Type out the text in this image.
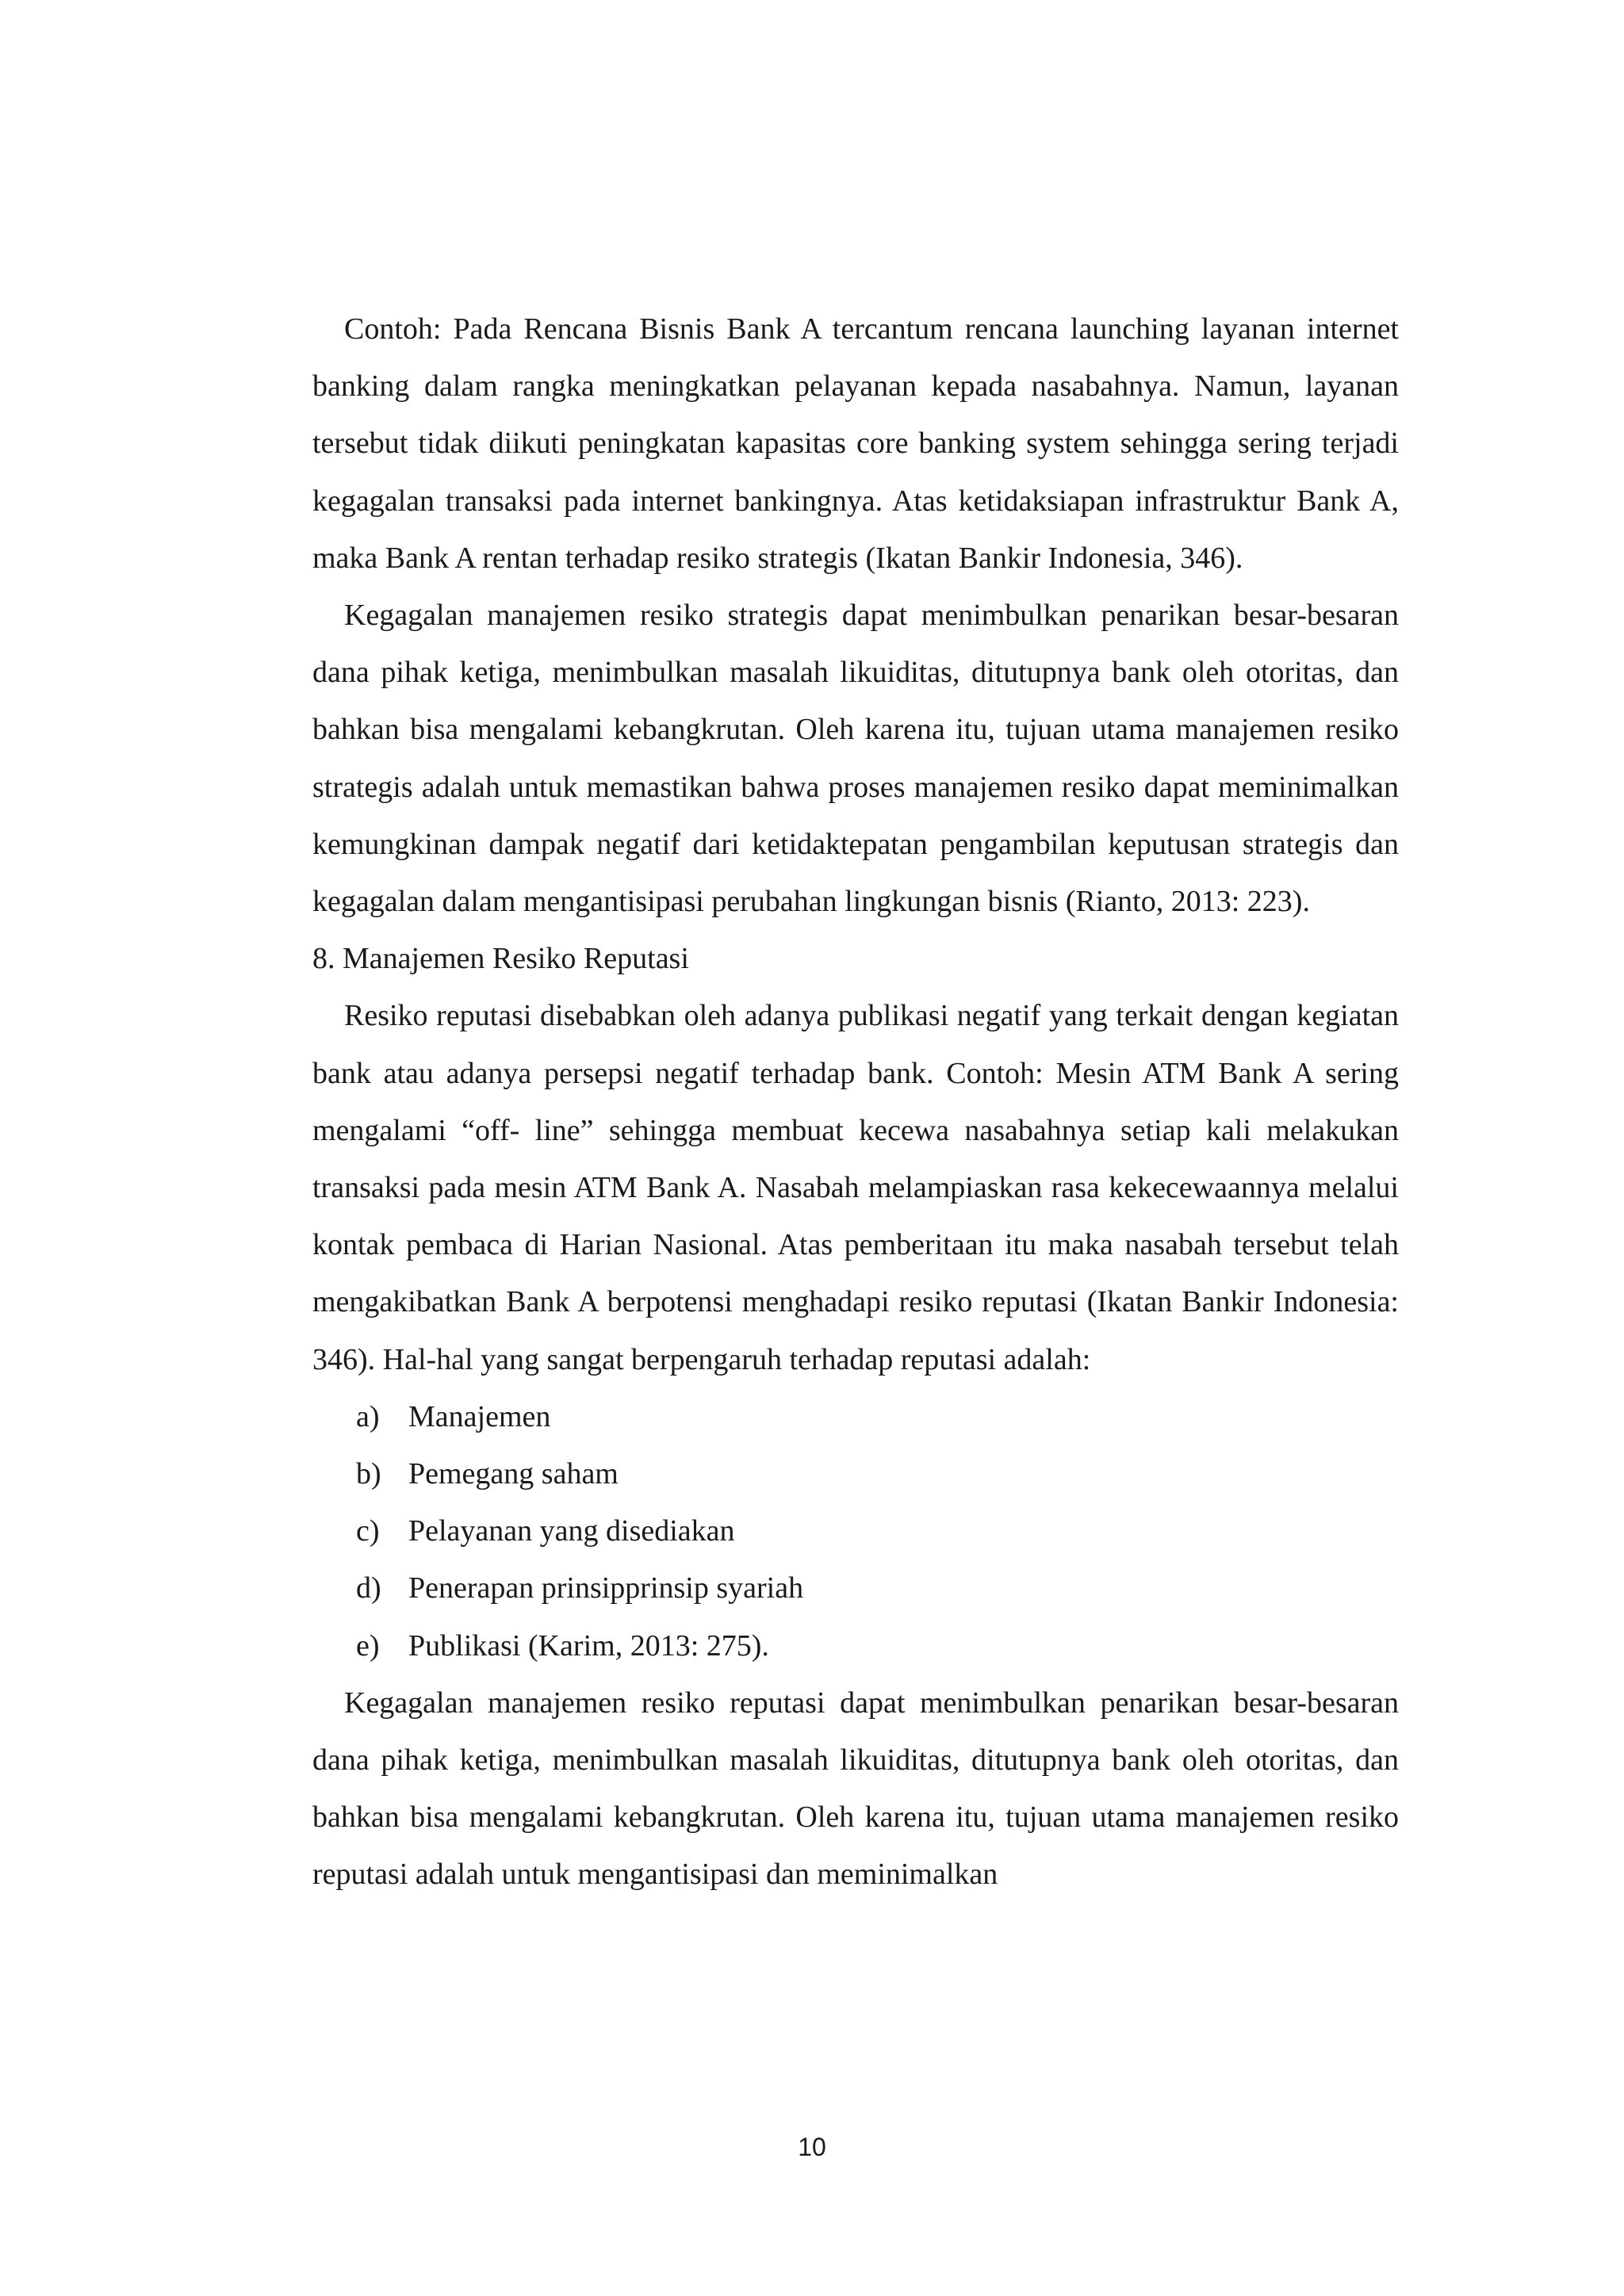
Contoh: Pada Rencana Bisnis Bank A tercantum rencana launching layanan internet banking dalam rangka meningkatkan pelayanan kepada nasabahnya. Namun, layanan tersebut tidak diikuti peningkatan kapasitas core banking system sehingga sering terjadi kegagalan transaksi pada internet bankingnya. Atas ketidaksiapan infrastruktur Bank A, maka Bank A rentan terhadap resiko strategis (Ikatan Bankir Indonesia, 346).

Kegagalan manajemen resiko strategis dapat menimbulkan penarikan besar-besaran dana pihak ketiga, menimbulkan masalah likuiditas, ditutupnya bank oleh otoritas, dan bahkan bisa mengalami kebangkrutan. Oleh karena itu, tujuan utama manajemen resiko strategis adalah untuk memastikan bahwa proses manajemen resiko dapat meminimalkan kemungkinan dampak negatif dari ketidaktepatan pengambilan keputusan strategis dan kegagalan dalam mengantisipasi perubahan lingkungan bisnis (Rianto, 2013: 223).

8. Manajemen Resiko Reputasi

Resiko reputasi disebabkan oleh adanya publikasi negatif yang terkait dengan kegiatan bank atau adanya persepsi negatif terhadap bank. Contoh: Mesin ATM Bank A sering mengalami “off- line” sehingga membuat kecewa nasabahnya setiap kali melakukan transaksi pada mesin ATM Bank A. Nasabah melampiaskan rasa kekecewaannya melalui kontak pembaca di Harian Nasional. Atas pemberitaan itu maka nasabah tersebut telah mengakibatkan Bank A berpotensi menghadapi resiko reputasi (Ikatan Bankir Indonesia: 346). Hal-hal yang sangat berpengaruh terhadap reputasi adalah:

a) Manajemen
b) Pemegang saham
c) Pelayanan yang disediakan
d) Penerapan prinsipprinsip syariah
e) Publikasi (Karim, 2013: 275).

Kegagalan manajemen resiko reputasi dapat menimbulkan penarikan besar-besaran dana pihak ketiga, menimbulkan masalah likuiditas, ditutupnya bank oleh otoritas, dan bahkan bisa mengalami kebangkrutan. Oleh karena itu, tujuan utama manajemen resiko reputasi adalah untuk mengantisipasi dan meminimalkan

10
